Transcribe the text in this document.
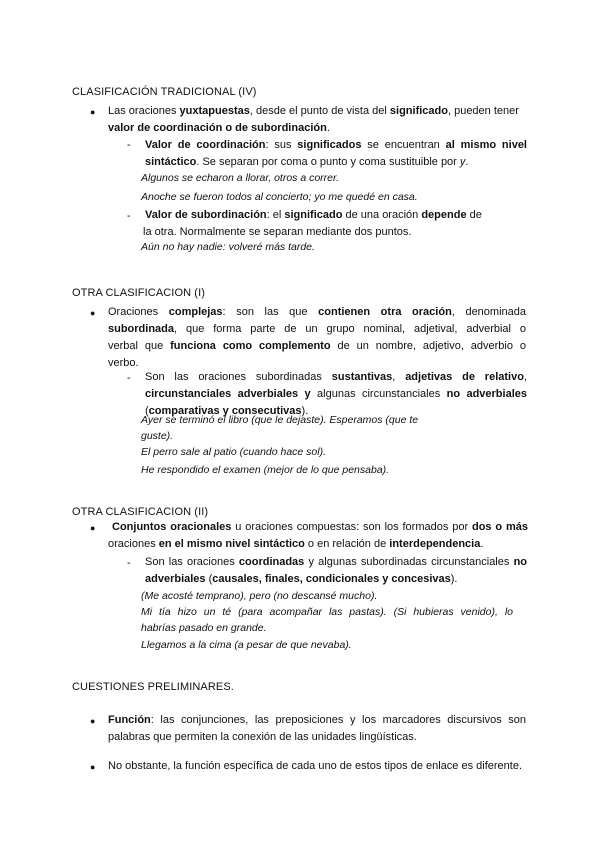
CLASIFICACIÓN TRADICIONAL (IV)
● Las oraciones yuxtapuestas, desde el punto de vista del significado, pueden tener
valor de coordinación o de subordinación.
- Valor de coordinación: sus significados se encuentran al mismo nivel
sintáctico. Se separan por coma o punto y coma sustituible por y.
Algunos se echaron a llorar, otros a correr.
Anoche se fueron todos al concierto; yo me quedé en casa.
- Valor de subordinación: el significado de una oración depende de
la otra. Normalmente se separan mediante dos puntos.
Aún no hay nadie: volveré más tarde.
OTRA CLASIFICACION (I)
● Oraciones complejas: son las que contienen otra oración, denominada
subordinada, que forma parte de un grupo nominal, adjetival, adverbial o
verbal que funciona como complemento de un nombre, adjetivo, adverbio o
verbo.
- Son las oraciones subordinadas sustantivas, adjetivas de relativo,
circunstanciales adverbiales y algunas circunstanciales no adverbiales
(comparativas y consecutivas).
Ayer se terminó el libro (que le dejaste). Esperamos (que te
guste).
El perro sale al patio (cuando hace sol).
He respondido el examen (mejor de lo que pensaba).
OTRA CLASIFICACION (II)
●	Conjuntos oracionales u oraciones compuestas: son los formados por dos o más
oraciones en el mismo nivel sintáctico o en relación de interdependencia.
- Son las oraciones coordinadas y algunas subordinadas circunstanciales no
adverbiales (causales, finales, condicionales y concesivas).
(Me acosté temprano), pero (no descansé mucho).
Mi tía hizo un té (para acompañar las pastas). (Si hubieras venido), lo
habrías pasado en grande.
Llegamos a la cima (a pesar de que nevaba).
CUESTIONES PRELIMINARES.
● Función: las conjunciones, las preposiciones y los marcadores discursivos son
palabras que permiten la conexión de las unidades lingüísticas.
● No obstante, la función específica de cada uno de estos tipos de enlace es diferente.
